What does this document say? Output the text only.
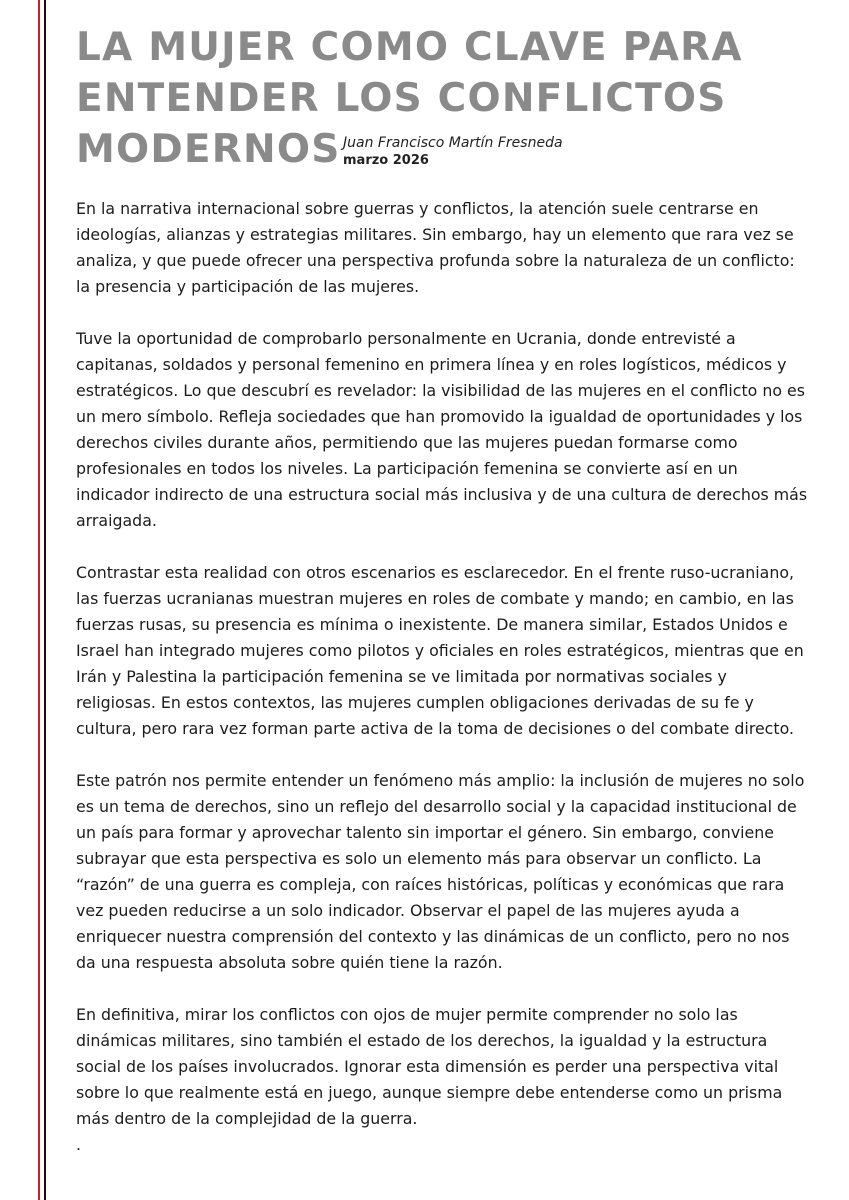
LA MUJER COMO CLAVE PARA
ENTENDER LOS CONFLICTOS
MODERNOS Juan Francisco Martín Fresneda
marzo 2026

En la narrativa internacional sobre guerras y conflictos, la atención suele centrarse en ideologías, alianzas y estrategias militares. Sin embargo, hay un elemento que rara vez se analiza, y que puede ofrecer una perspectiva profunda sobre la naturaleza de un conflicto: la presencia y participación de las mujeres.

Tuve la oportunidad de comprobarlo personalmente en Ucrania, donde entrevisté a capitanas, soldados y personal femenino en primera línea y en roles logísticos, médicos y estratégicos. Lo que descubrí es revelador: la visibilidad de las mujeres en el conflicto no es un mero símbolo. Refleja sociedades que han promovido la igualdad de oportunidades y los derechos civiles durante años, permitiendo que las mujeres puedan formarse como profesionales en todos los niveles. La participación femenina se convierte así en un indicador indirecto de una estructura social más inclusiva y de una cultura de derechos más arraigada.

Contrastar esta realidad con otros escenarios es esclarecedor. En el frente ruso-ucraniano, las fuerzas ucranianas muestran mujeres en roles de combate y mando; en cambio, en las fuerzas rusas, su presencia es mínima o inexistente. De manera similar, Estados Unidos e Israel han integrado mujeres como pilotos y oficiales en roles estratégicos, mientras que en Irán y Palestina la participación femenina se ve limitada por normativas sociales y religiosas. En estos contextos, las mujeres cumplen obligaciones derivadas de su fe y cultura, pero rara vez forman parte activa de la toma de decisiones o del combate directo.

Este patrón nos permite entender un fenómeno más amplio: la inclusión de mujeres no solo es un tema de derechos, sino un reflejo del desarrollo social y la capacidad institucional de un país para formar y aprovechar talento sin importar el género. Sin embargo, conviene subrayar que esta perspectiva es solo un elemento más para observar un conflicto. La “razón” de una guerra es compleja, con raíces históricas, políticas y económicas que rara vez pueden reducirse a un solo indicador. Observar el papel de las mujeres ayuda a enriquecer nuestra comprensión del contexto y las dinámicas de un conflicto, pero no nos da una respuesta absoluta sobre quién tiene la razón.

En definitiva, mirar los conflictos con ojos de mujer permite comprender no solo las dinámicas militares, sino también el estado de los derechos, la igualdad y la estructura social de los países involucrados. Ignorar esta dimensión es perder una perspectiva vital sobre lo que realmente está en juego, aunque siempre debe entenderse como un prisma más dentro de la complejidad de la guerra.

.
